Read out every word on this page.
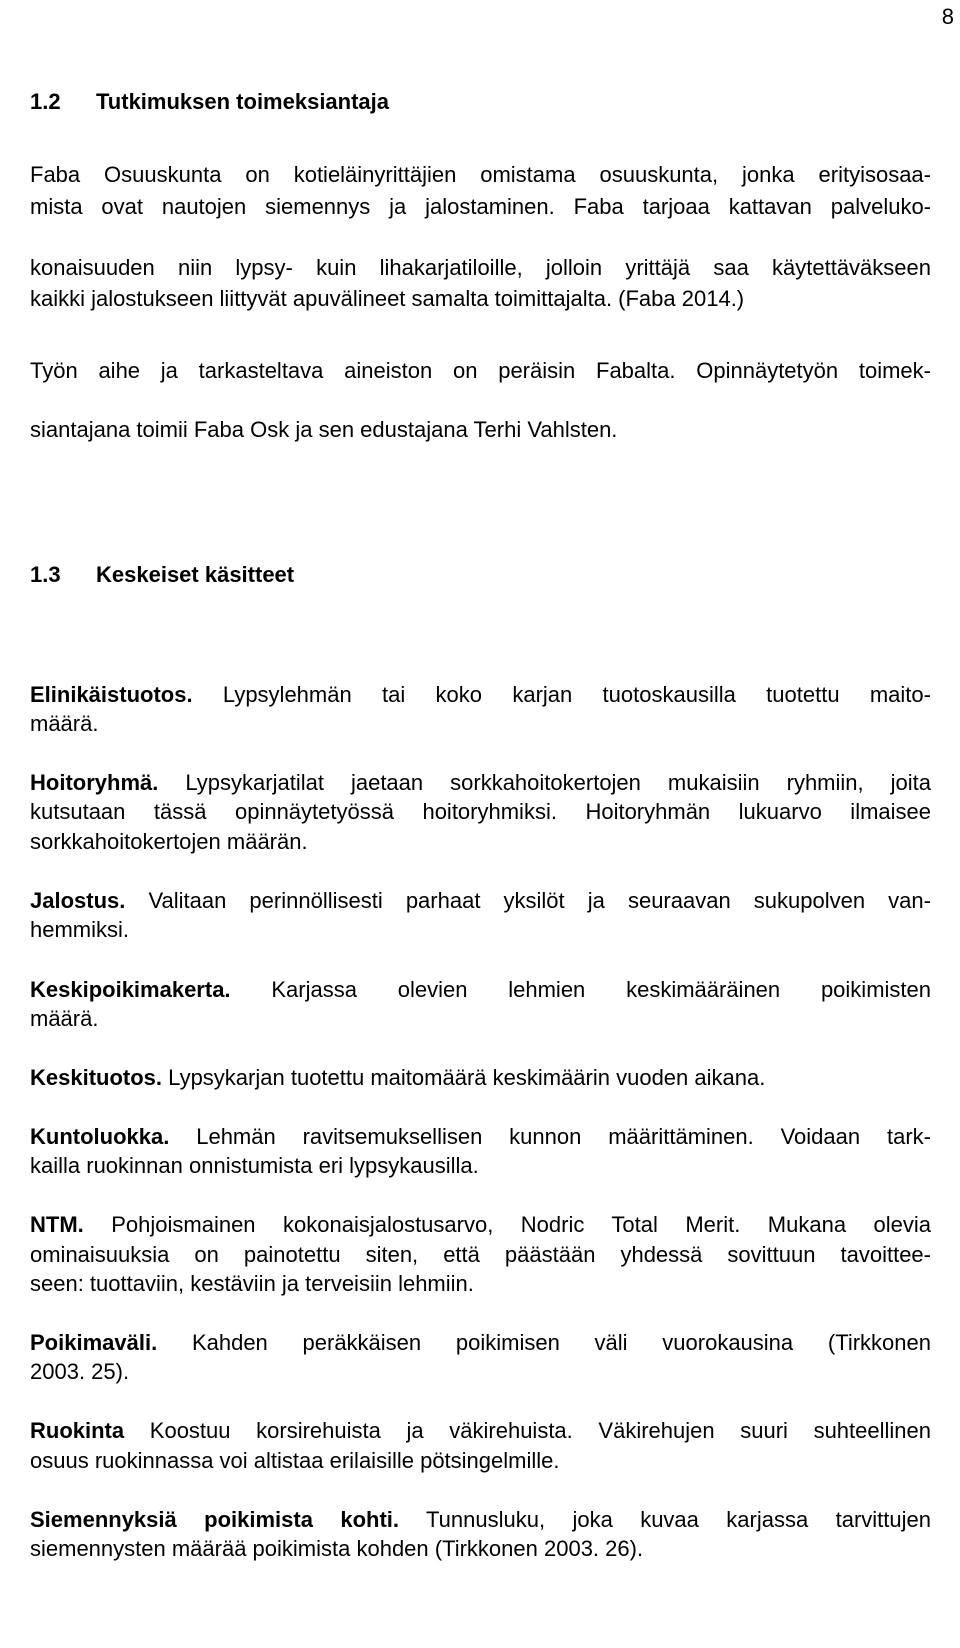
8
1.2 Tutkimuksen toimeksiantaja
Faba Osuuskunta on kotieläinyrittäjien omistama osuuskunta, jonka erityisosaa-
mista ovat nautojen siemennys ja jalostaminen. Faba tarjoaa kattavan palveluko-
konaisuuden niin lypsy- kuin lihakarjatiloille, jolloin yrittäjä saa käytettäväkseen
kaikki jalostukseen liittyvät apuvälineet samalta toimittajalta. (Faba 2014.)
Työn aihe ja tarkasteltava aineiston on peräisin Fabalta. Opinnäytetyön toimek-
siantajana toimii Faba Osk ja sen edustajana Terhi Vahlsten.
1.3 Keskeiset käsitteet
Elinikäistuotos. Lypsylehmän tai koko karjan tuotoskausilla tuotettu maito-
määrä.
Hoitoryhmä. Lypsykarjatilat jaetaan sorkkahoitokertojen mukaisiin ryhmiin, joita
kutsutaan tässä opinnäytetyössä hoitoryhmiksi. Hoitoryhmän lukuarvo ilmaisee
sorkkahoitokertojen määrän.
Jalostus. Valitaan perinnöllisesti parhaat yksilöt ja seuraavan sukupolven van-
hemmiksi.
Keskipoikimakerta. Karjassa olevien lehmien keskimääräinen poikimisten
määrä.
Keskituotos. Lypsykarjan tuotettu maitomäärä keskimäärin vuoden aikana.
Kuntoluokka. Lehmän ravitsemuksellisen kunnon määrittäminen. Voidaan tark-
kailla ruokinnan onnistumista eri lypsykausilla.
NTM. Pohjoismainen kokonaisjalostusarvo, Nodric Total Merit. Mukana olevia
ominaisuuksia on painotettu siten, että päästään yhdessä sovittuun tavoittee-
seen: tuottaviin, kestäviin ja terveisiin lehmiin.
Poikimaväli. Kahden peräkkäisen poikimisen väli vuorokausina (Tirkkonen
2003. 25).
Ruokinta Koostuu korsirehuista ja väkirehuista. Väkirehujen suuri suhteellinen
osuus ruokinnassa voi altistaa erilaisille pötsingelmille.
Siemennyksiä poikimista kohti. Tunnusluku, joka kuvaa karjassa tarvittujen
siemennysten määrää poikimista kohden (Tirkkonen 2003. 26).
